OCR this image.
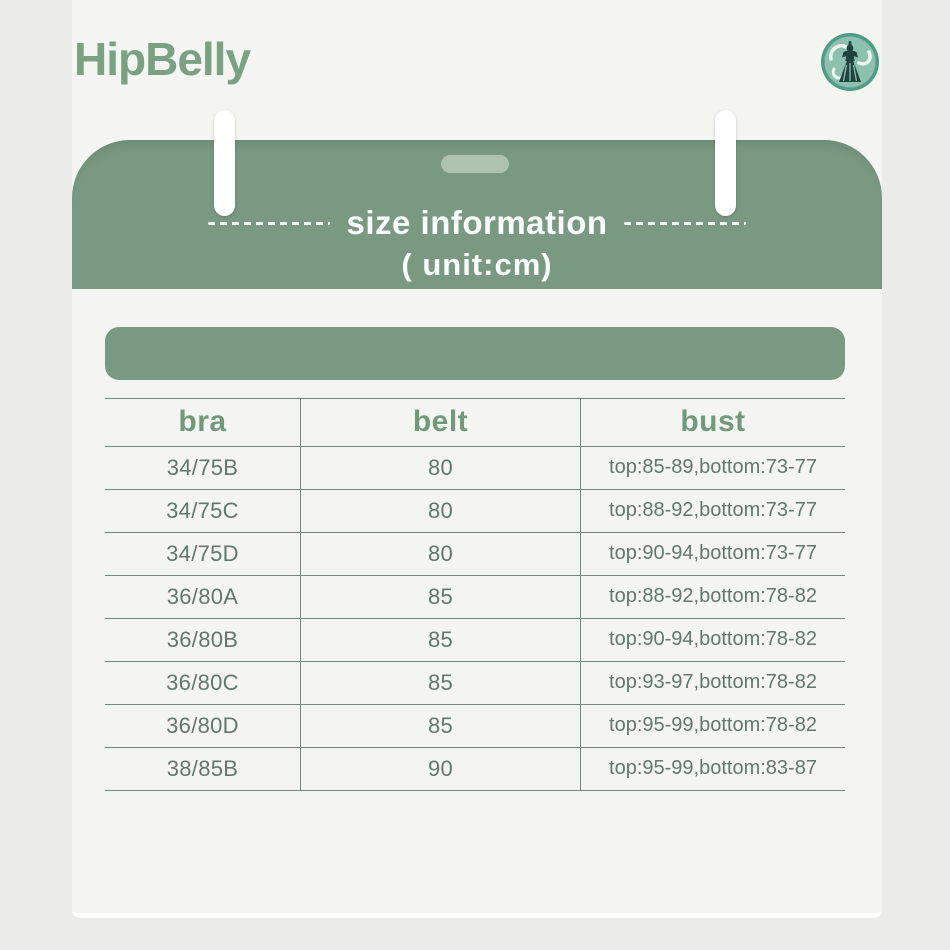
HipBelly
size information
( unit:cm)
bra	belt	bust
34/75B	80	top:85-89,bottom:73-77
34/75C	80	top:88-92,bottom:73-77
34/75D	80	top:90-94,bottom:73-77
36/80A	85	top:88-92,bottom:78-82
36/80B	85	top:90-94,bottom:78-82
36/80C	85	top:93-97,bottom:78-82
36/80D	85	top:95-99,bottom:78-82
38/85B	90	top:95-99,bottom:83-87
